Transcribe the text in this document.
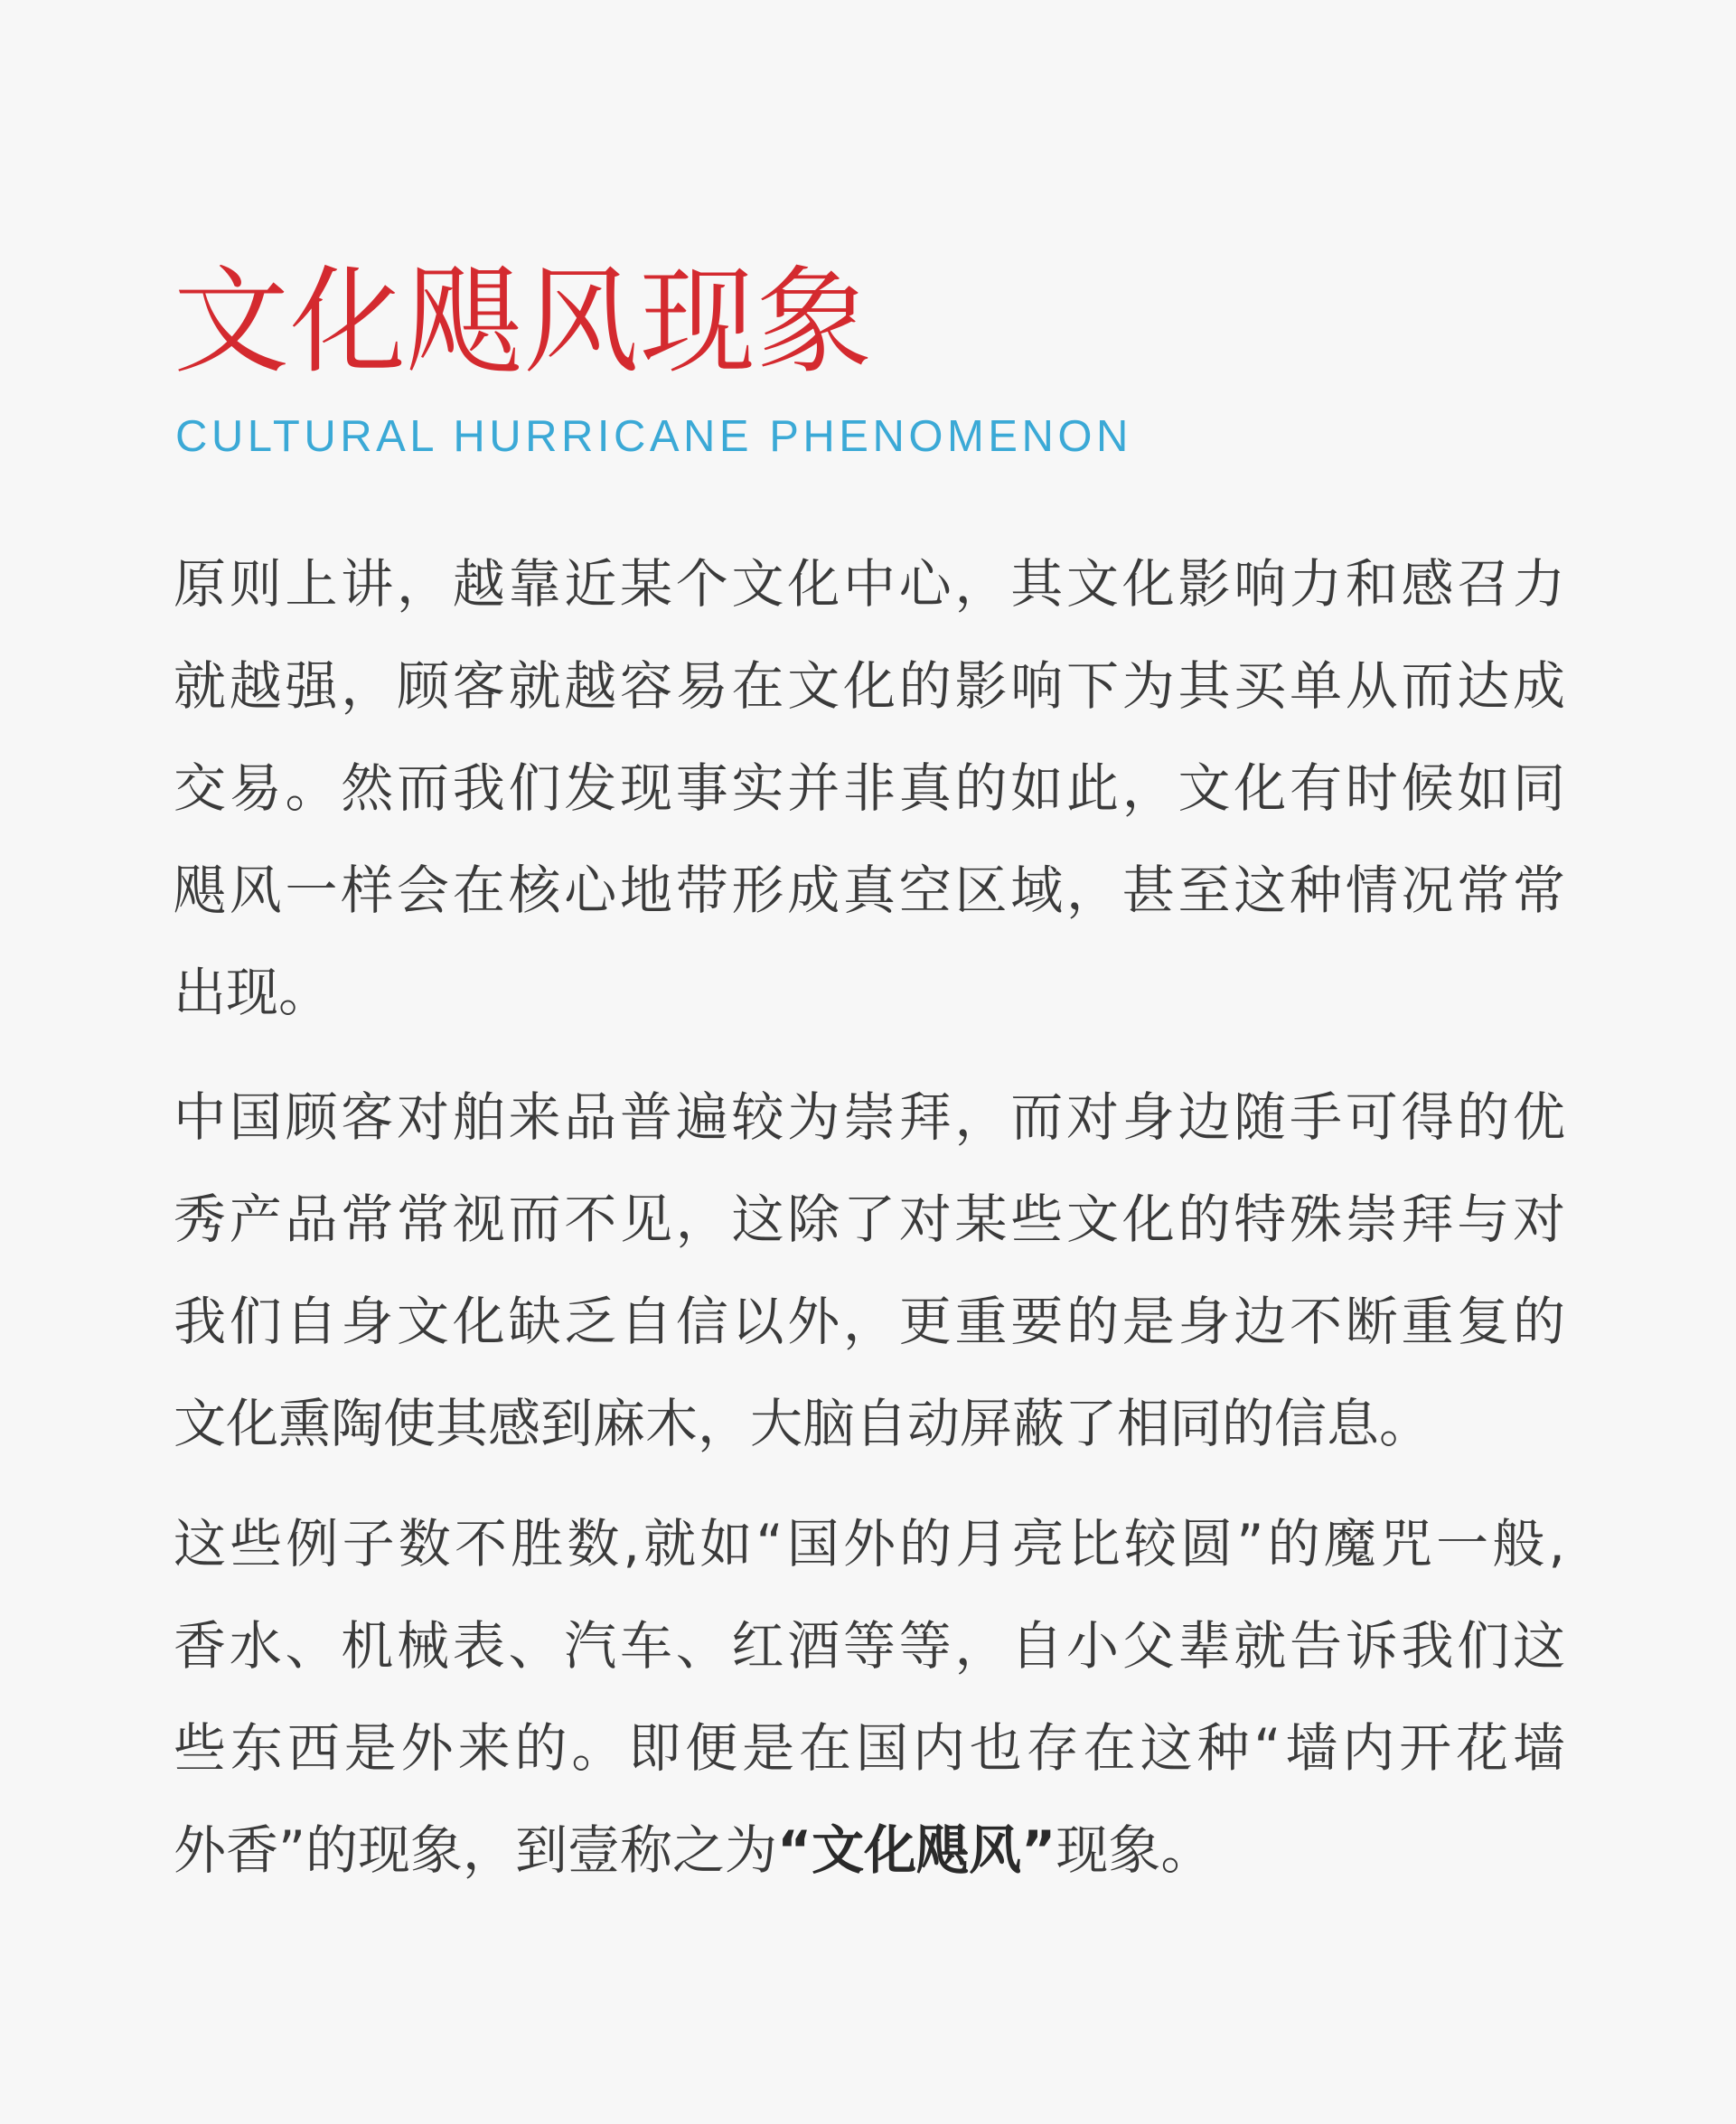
文化飓风现象

CULTURAL HURRICANE PHENOMENON

原则上讲，越靠近某个文化中心，其文化影响力和感召力
就越强，顾客就越容易在文化的影响下为其买单从而达成
交易。然而我们发现事实并非真的如此，文化有时候如同
飓风一样会在核心地带形成真空区域，甚至这种情况常常
出现。
中国顾客对舶来品普遍较为崇拜，而对身边随手可得的优
秀产品常常视而不见，这除了对某些文化的特殊崇拜与对
我们自身文化缺乏自信以外，更重要的是身边不断重复的
文化熏陶使其感到麻木，大脑自动屏蔽了相同的信息。
这些例子数不胜数,就如“国外的月亮比较圆”的魔咒一般,
香水、机械表、汽车、红酒等等，自小父辈就告诉我们这
些东西是外来的。即便是在国内也存在这种“墙内开花墙
外香”的现象，到壹称之为“文化飓风”现象。
